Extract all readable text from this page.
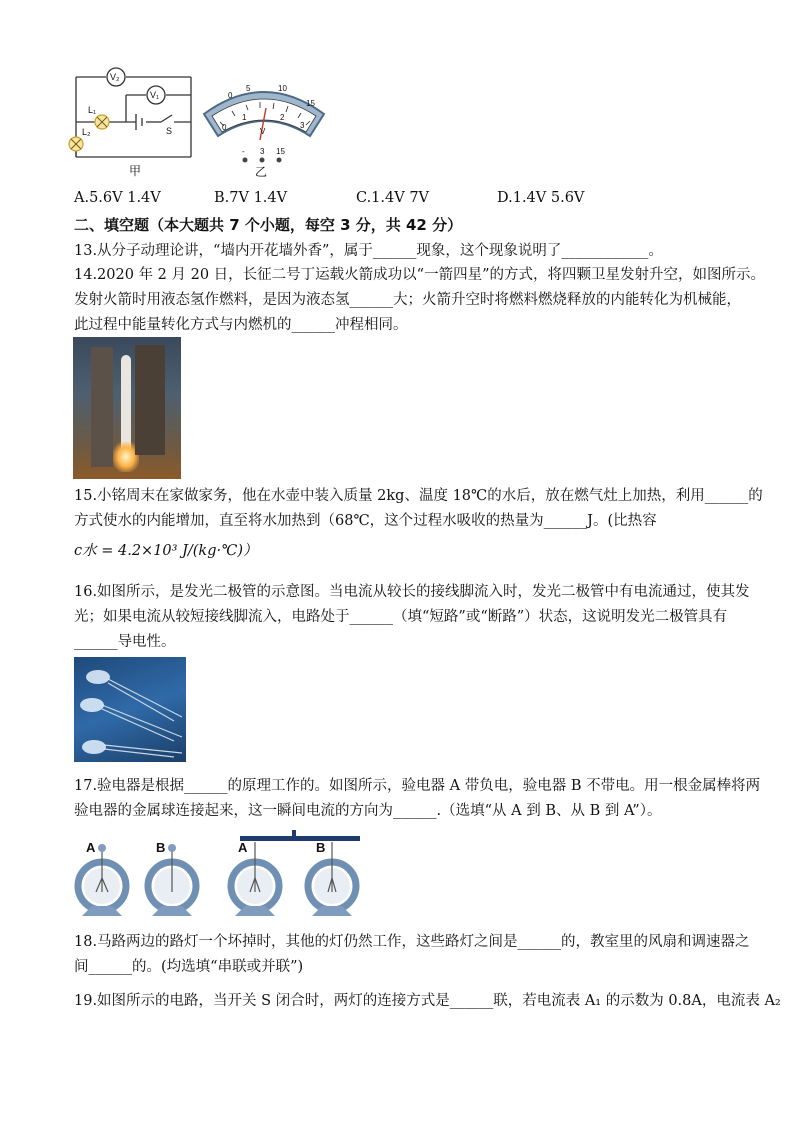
V₂
V₁
L₁
L₂	S
甲
0
5	10
15
0
1	2
3
V
- 3 15
乙
A.5.6V 1.4V	B.7V 1.4V	C.1.4V 7V	D.1.4V 5.6V
二、填空题（本大题共 7 个小题，每空 3 分，共 42 分）
13.从分子动理论讲，“墙内开花墙外香”，属于______现象，这个现象说明了____________。
14.2020 年 2 月 20 日，长征二号丁运载火箭成功以“一箭四星”的方式，将四颗卫星发射升空，如图所示。
发射火箭时用液态氢作燃料，是因为液态氢______大；火箭升空时将燃料燃烧释放的内能转化为机械能，
此过程中能量转化方式与内燃机的______冲程相同。
15.小铭周末在家做家务，他在水壶中装入质量 2kg、温度 18℃的水后，放在燃气灶上加热，利用______的
方式使水的内能增加，直至将水加热到（68℃，这个过程水吸收的热量为______J。(比热容
c水 = 4.2×10³ J/(kg·℃)）
16.如图所示，是发光二极管的示意图。当电流从较长的接线脚流入时，发光二极管中有电流通过，使其发
光；如果电流从较短接线脚流入，电路处于______（填“短路”或“断路”）状态，这说明发光二极管具有
______导电性。
17.验电器是根据______的原理工作的。如图所示，验电器 A 带负电，验电器 B 不带电。用一根金属棒将两
验电器的金属球连接起来，这一瞬间电流的方向为______.（选填“从 A 到 B、从 B 到 A”）。
A	B	A	B
18.马路两边的路灯一个坏掉时，其他的灯仍然工作，这些路灯之间是______的，教室里的风扇和调速器之
间______的。(均选填“串联或并联”)
19.如图所示的电路，当开关 S 闭合时，两灯的连接方式是______联，若电流表 A₁ 的示数为 0.8A，电流表 A₂
